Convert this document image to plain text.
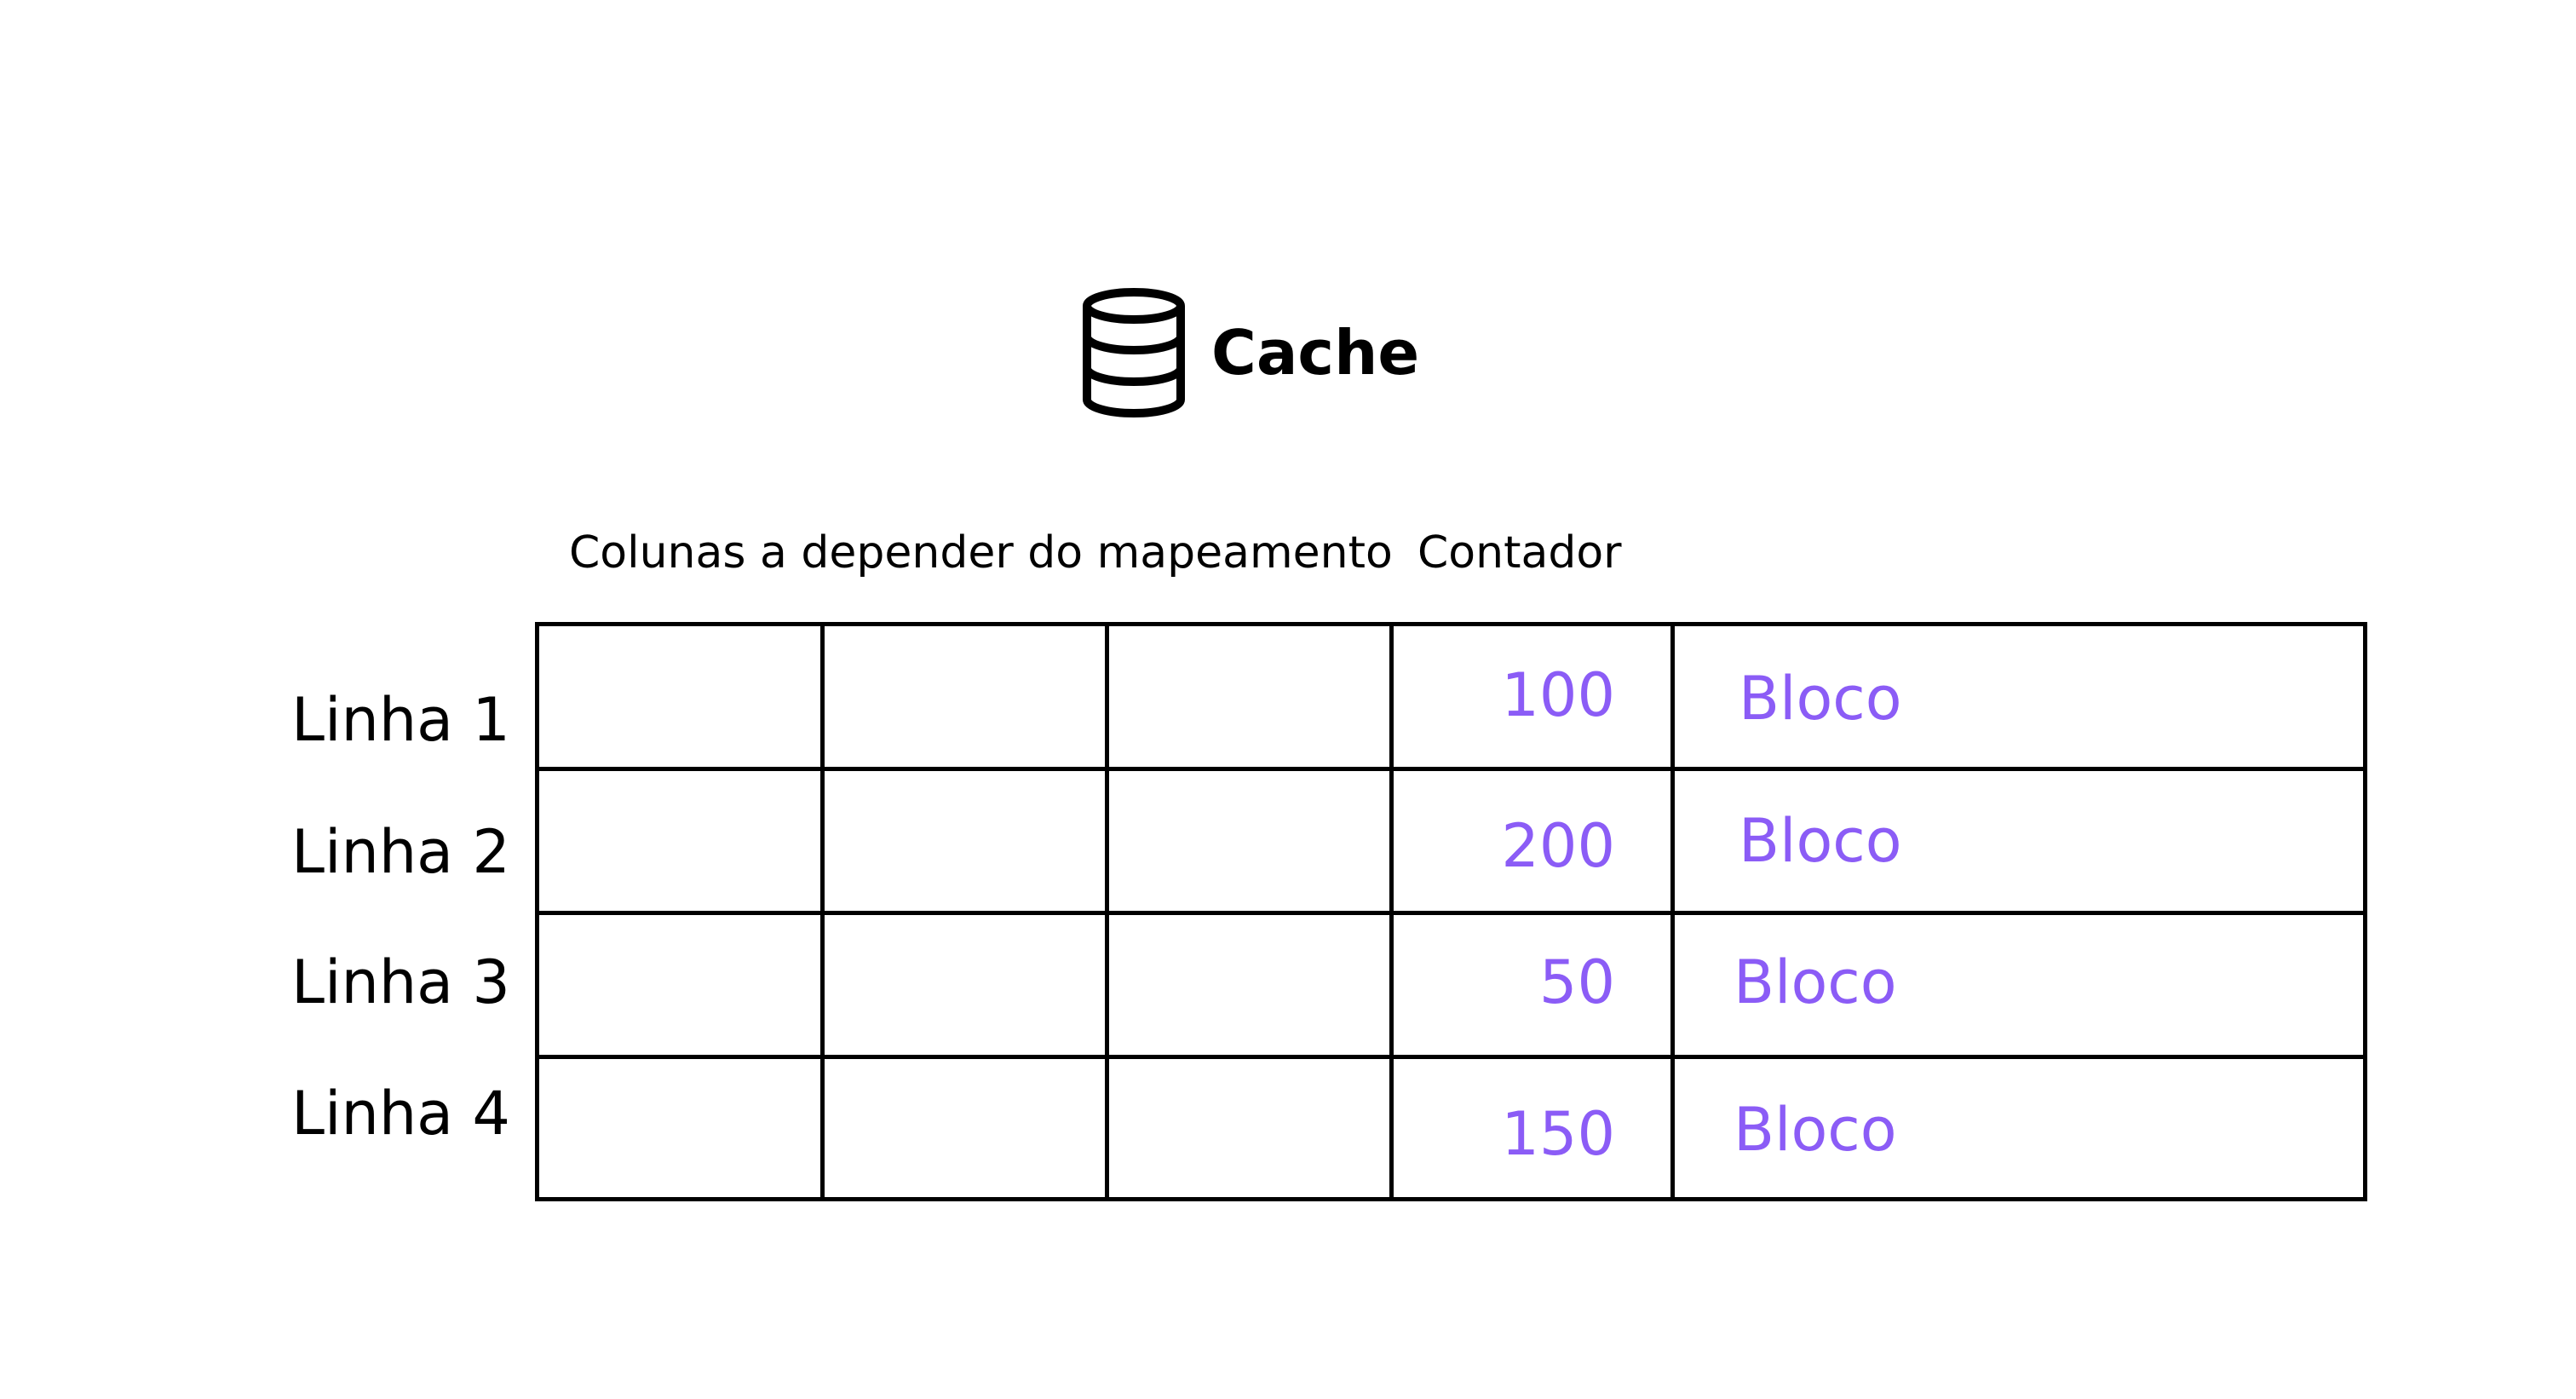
Cache
Colunas a depender do mapeamento Contador
Linha 1
Linha 2
Linha 3
Linha 4
100
200
50
150
Bloco
Bloco
Bloco
Bloco
